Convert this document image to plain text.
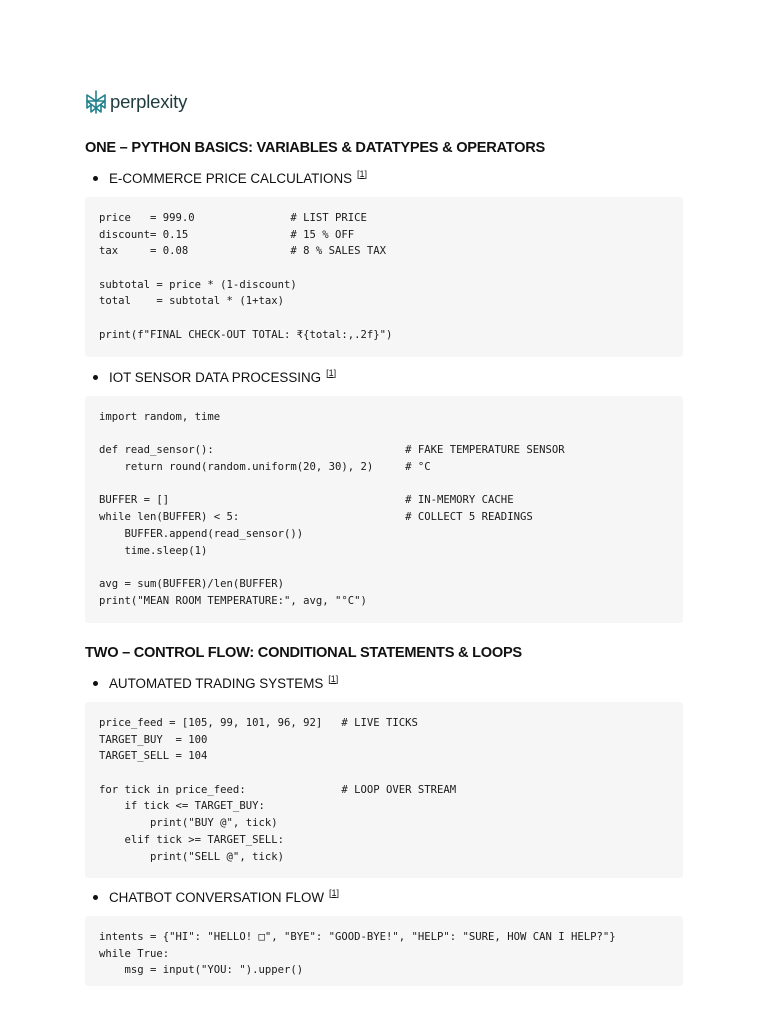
perplexity
ONE – PYTHON BASICS: VARIABLES & DATATYPES & OPERATORS
E-COMMERCE PRICE CALCULATIONS [1]
price   = 999.0               # LIST PRICE
discount= 0.15                # 15 % OFF
tax     = 0.08                # 8 % SALES TAX
subtotal = price * (1-discount)
total    = subtotal * (1+tax)
print(f"FINAL CHECK-OUT TOTAL: ₹{total:,.2f}")
IOT SENSOR DATA PROCESSING [1]
import random, time
def read_sensor():                              # FAKE TEMPERATURE SENSOR
return round(random.uniform(20, 30), 2)     # °C
BUFFER = []                                     # IN-MEMORY CACHE
while len(BUFFER) < 5:                          # COLLECT 5 READINGS
BUFFER.append(read_sensor())
time.sleep(1)
avg = sum(BUFFER)/len(BUFFER)
print("MEAN ROOM TEMPERATURE:", avg, "°C")
TWO – CONTROL FLOW: CONDITIONAL STATEMENTS & LOOPS
AUTOMATED TRADING SYSTEMS [1]
price_feed = [105, 99, 101, 96, 92]   # LIVE TICKS
TARGET_BUY  = 100
TARGET_SELL = 104
for tick in price_feed:               # LOOP OVER STREAM
if tick <= TARGET_BUY:
print("BUY @", tick)
elif tick >= TARGET_SELL:
print("SELL @", tick)
CHATBOT CONVERSATION FLOW [1]
intents = {"HI": "HELLO! □", "BYE": "GOOD-BYE!", "HELP": "SURE, HOW CAN I HELP?"}
while True:
msg = input("YOU: ").upper()
